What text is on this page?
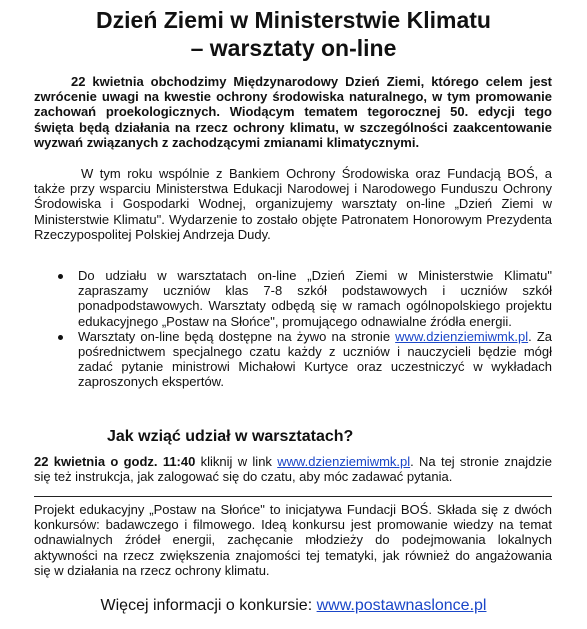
Dzień Ziemi w Ministerstwie Klimatu
– warsztaty on-line
22 kwietnia obchodzimy Międzynarodowy Dzień Ziemi, którego celem jest zwrócenie uwagi na kwestie ochrony środowiska naturalnego, w tym promowanie zachowań proekologicznych. Wiodącym tematem tegorocznej 50. edycji tego święta będą działania na rzecz ochrony klimatu, w szczególności zaakcentowanie wyzwań związanych z zachodzącymi zmianami klimatycznymi.
W tym roku wspólnie z Bankiem Ochrony Środowiska oraz Fundacją BOŚ, a także przy wsparciu Ministerstwa Edukacji Narodowej i Narodowego Funduszu Ochrony Środowiska i Gospodarki Wodnej, organizujemy warsztaty on-line „Dzień Ziemi w Ministerstwie Klimatu". Wydarzenie to zostało objęte Patronatem Honorowym Prezydenta Rzeczypospolitej Polskiej Andrzeja Dudy.
Do udziału w warsztatach on-line „Dzień Ziemi w Ministerstwie Klimatu" zapraszamy uczniów klas 7-8 szkół podstawowych i uczniów szkół ponadpodstawowych. Warsztaty odbędą się w ramach ogólnopolskiego projektu edukacyjnego „Postaw na Słońce", promującego odnawialne źródła energii.
Warsztaty on-line będą dostępne na żywo na stronie www.dzienziemiwmk.pl. Za pośrednictwem specjalnego czatu każdy z uczniów i nauczycieli będzie mógł zadać pytanie ministrowi Michałowi Kurtyce oraz uczestniczyć w wykładach zaproszonych ekspertów.
Jak wziąć udział w warsztatach?
22 kwietnia o godz. 11:40 kliknij w link www.dzienziemiwmk.pl. Na tej stronie znajdzie się też instrukcja, jak zalogować się do czatu, aby móc zadawać pytania.
Projekt edukacyjny „Postaw na Słońce" to inicjatywa Fundacji BOŚ. Składa się z dwóch konkursów: badawczego i filmowego. Ideą konkursu jest promowanie wiedzy na temat odnawialnych źródeł energii, zachęcanie młodzieży do podejmowania lokalnych aktywności na rzecz zwiększenia znajomości tej tematyki, jak również do angażowania się w działania na rzecz ochrony klimatu.
Więcej informacji o konkursie: www.postawnaslonce.pl
